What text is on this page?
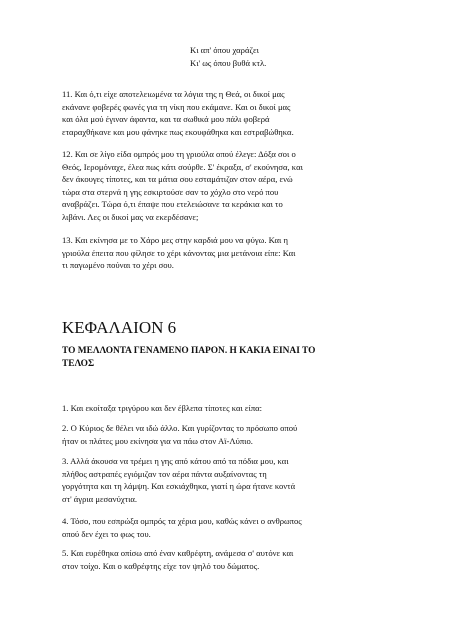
Κι απ' όπου χαράζει
Κι' ως όπου βυθά κτλ.
11. Και ό,τι είχε αποτελειωμένα τα λόγια της η Θεά, οι δικοί μας
εκάνανε φοβερές φωνές για τη νίκη που εκάμανε. Και οι δικοί μας
και όλα μού έγιναν άφαντα, και τα σωθικά μου πάλι φοβερά
εταραχθήκανε και μου φάνηκε πως εκουφάθηκα και εστραβώθηκα.
12. Και σε λίγο είδα ομπρός μου τη γριούλα οπού έλεγε: Δόξα σοι ο
Θεός, Ιερομόναχε, έλεα πως κάτι σούρθε. Σ' έκραξα, σ' εκούνησα, και
δεν άκουγες τίποτες, και τα μάτια σου εσταμάτιζαν στον αέρα, ενώ
τώρα στα στερνά η γης εσκιρτούσε σαν το χόχλο στο νερό που
αναβράζει. Τώρα ό,τι έπαψε που ετελειώσανε τα κεράκια και το
λιβάνι. Λες οι δικοί μας να εκερδέσανε;
13. Και εκίνησα με το Χάρο μες στην καρδιά μου να φύγω. Και η
γριούλα έπειτα που φίλησε το χέρι κάνοντας μια μετάνοια είπε: Και
τι παγωμένο πούναι το χέρι σου.
ΚΕΦΑΛΑΙΟΝ 6
ΤΟ ΜΕΛΛΟΝΤΑ ΓΕΝΑΜΕΝΟ ΠΑΡΟΝ. Η ΚΑΚΙΑ ΕΙΝΑΙ ΤΟ
ΤΕΛΟΣ
1. Και εκοίταξα τριγύρου και δεν έβλεπα τίποτες και είπα:
2. Ο Κύριος δε θέλει να ιδώ άλλο. Και γυρίζοντας το πρόσωπο οπού
ήταν οι πλάτες μου εκίνησα για να πάω στον Αϊ-Λύπιο.
3. Αλλά άκουσα να τρέμει η γης από κάτου από τα πόδια μου, και
πλήθος αστραπές εγιόμιζαν τον αέρα πάντα αυξαίνοντας τη
γοργότητα και τη λάμψη. Και εσκιάχθηκα, γιατί η ώρα ήτανε κοντά
στ' άγρια μεσανύχτια.
4. Τόσο, που εσπρώξα ομπρός τα χέρια μου, καθώς κάνει ο ανθρωπος
οπού δεν έχει το φως του.
5. Και ευρέθηκα οπίσω από έναν καθρέφτη, ανάμεσα σ' αυτόνε και
στον τοίχο. Και ο καθρέφτης είχε τον ψηλό του δώματος.
